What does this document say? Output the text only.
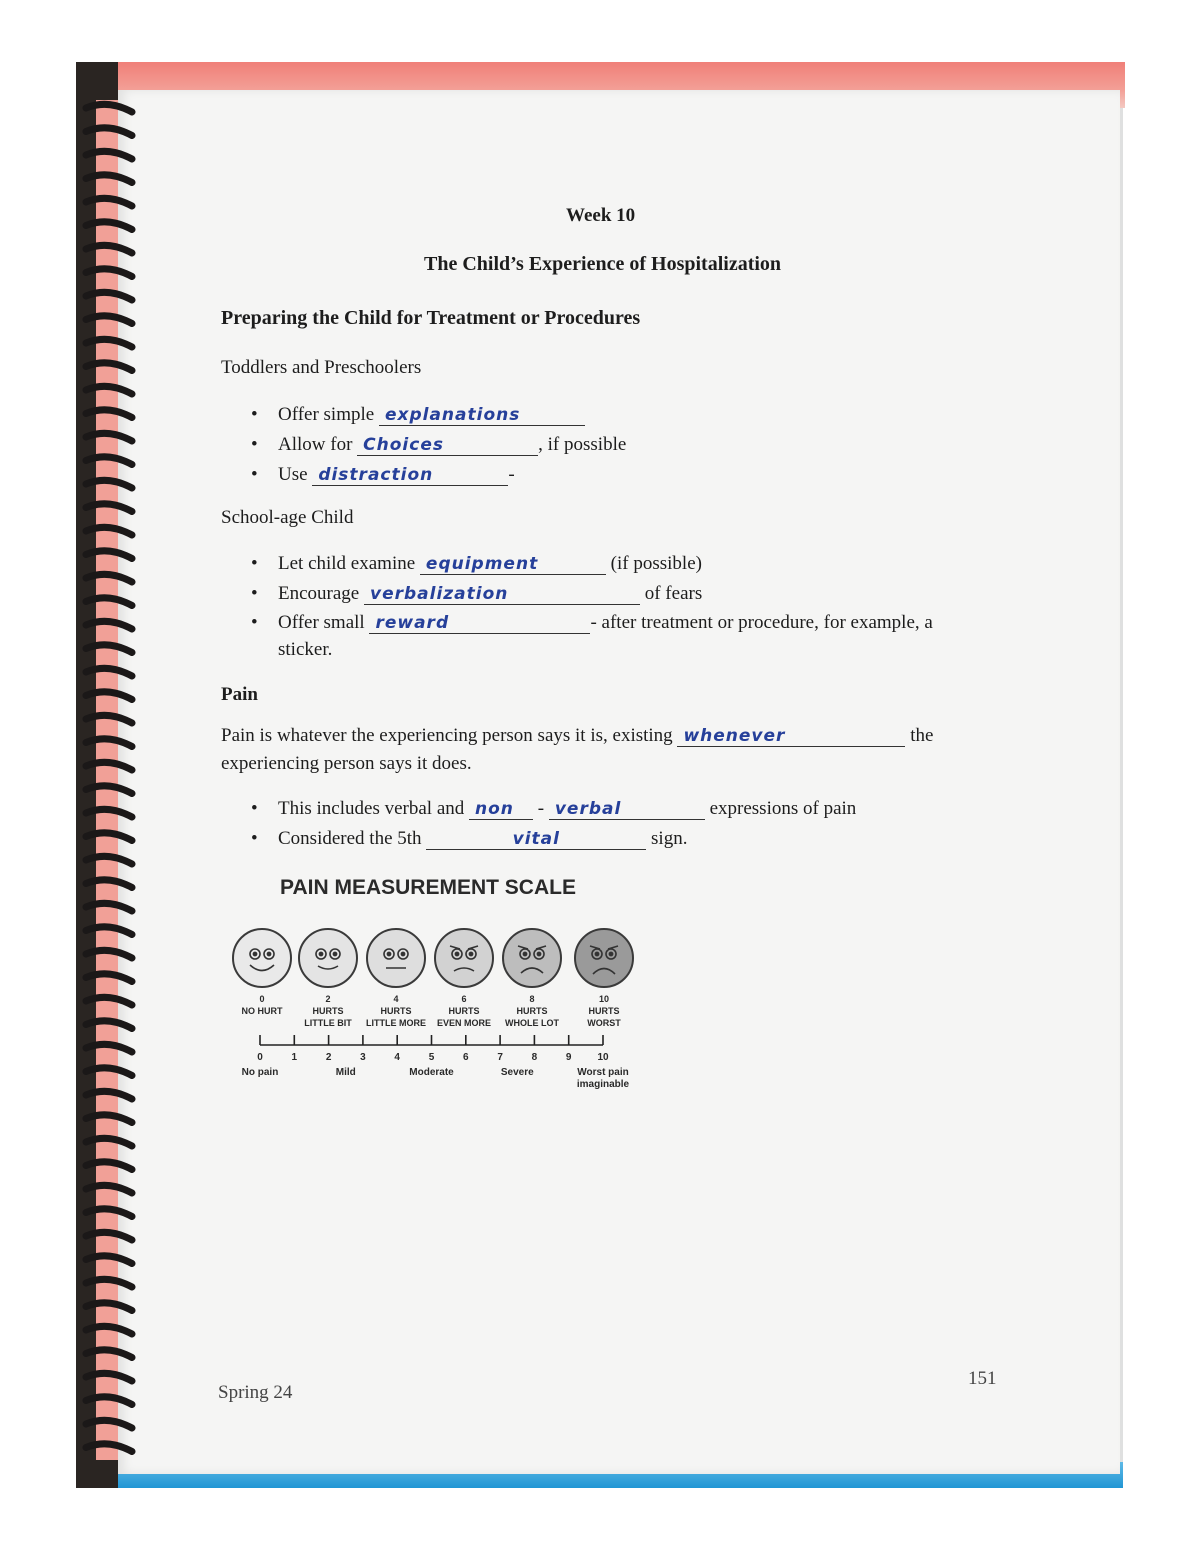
Week 10
The Child’s Experience of Hospitalization
Preparing the Child for Treatment or Procedures
Toddlers and Preschoolers
• Offer simple explanations
• Allow for Choices	, if possible
• Use distraction	-
School-age Child
• Let child examine equipment	(if possible)
• Encourage verbalization	of fears
• Offer small reward	- after treatment or procedure, for example, a
sticker.
Pain
Pain is whatever the experiencing person says it is, existing whenever	the
experiencing person says it does.
• This includes verbal and non - verbal	expressions of pain
• Considered the 5th	vital	sign.
PAIN MEASUREMENT SCALE
0
NO HURT
2
HURTS
LITTLE BIT
4
HURTS
LITTLE MORE
6
HURTS
EVEN MORE
8
HURTS
WHOLE LOT
10
HURTS
WORST
0	1	2	3	4	5	6	7	8	9	10
No pain	Mild	Moderate	Severe	Worst pain
imaginable
Spring 24
151
